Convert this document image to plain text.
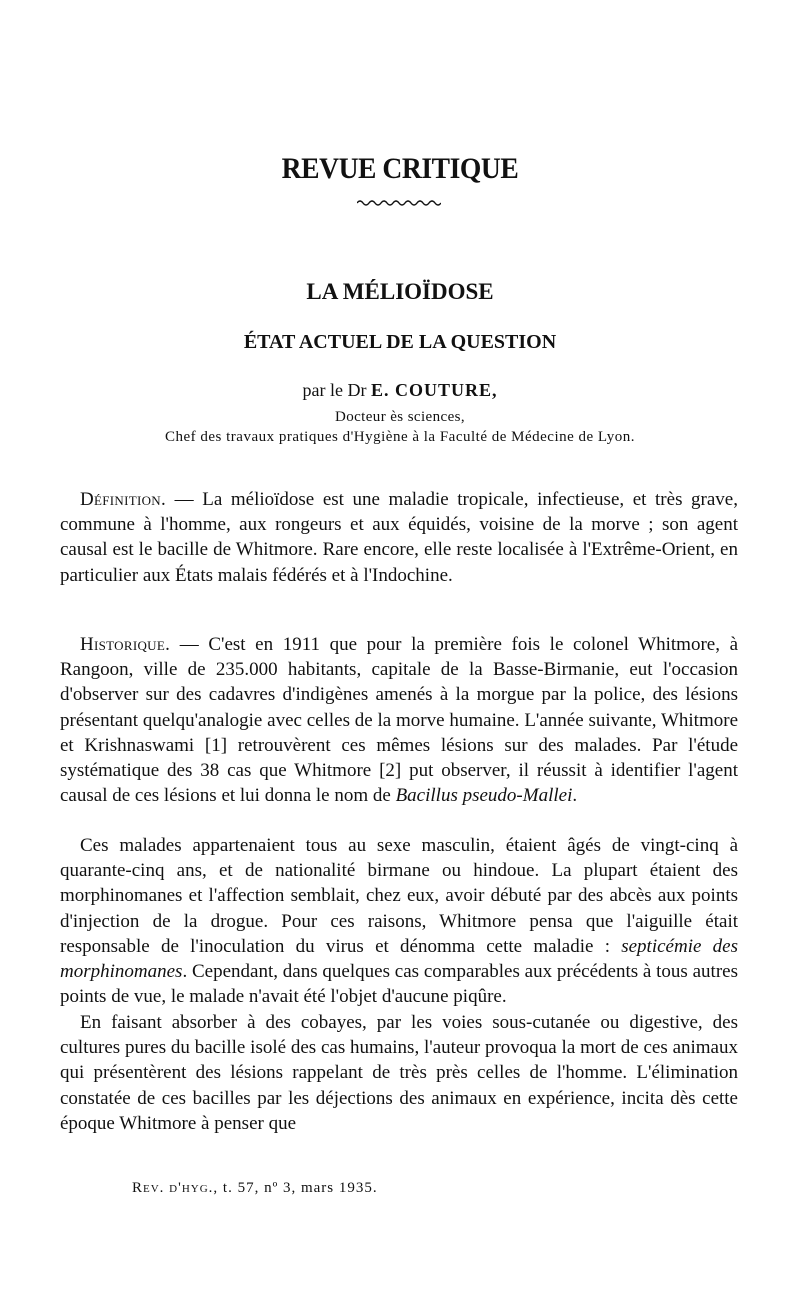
REVUE CRITIQUE
LA MÉLIOÏDOSE
ÉTAT ACTUEL DE LA QUESTION
par le Dr E. COUTURE,
Docteur ès sciences,
Chef des travaux pratiques d'Hygiène à la Faculté de Médecine de Lyon.

Définition. — La mélioïdose est une maladie tropicale, infectieuse, et très grave, commune à l'homme, aux rongeurs et aux équidés, voisine de la morve ; son agent causal est le bacille de Whitmore. Rare encore, elle reste localisée à l'Extrême-Orient, en particulier aux États malais fédérés et à l'Indochine.

Historique. — C'est en 1911 que pour la première fois le colonel Whitmore, à Rangoon, ville de 235.000 habitants, capitale de la Basse-Birmanie, eut l'occasion d'observer sur des cadavres d'indigènes amenés à la morgue par la police, des lésions présentant quelqu'analogie avec celles de la morve humaine. L'année suivante, Whitmore et Krishnaswami [1] retrouvèrent ces mêmes lésions sur des malades. Par l'étude systématique des 38 cas que Whitmore [2] put observer, il réussit à identifier l'agent causal de ces lésions et lui donna le nom de Bacillus pseudo-Mallei.

Ces malades appartenaient tous au sexe masculin, étaient âgés de vingt-cinq à quarante-cinq ans, et de nationalité birmane ou hindoue. La plupart étaient des morphinomanes et l'affection semblait, chez eux, avoir débuté par des abcès aux points d'injection de la drogue. Pour ces raisons, Whitmore pensa que l'aiguille était responsable de l'inoculation du virus et dénomma cette maladie : septicémie des morphinomanes. Cependant, dans quelques cas comparables aux précédents à tous autres points de vue, le malade n'avait été l'objet d'aucune piqûre.

En faisant absorber à des cobayes, par les voies sous-cutanée ou digestive, des cultures pures du bacille isolé des cas humains, l'auteur provoqua la mort de ces animaux qui présentèrent des lésions rappelant de très près celles de l'homme. L'élimination constatée de ces bacilles par les déjections des animaux en expérience, incita dès cette époque Whitmore à penser que

Rev. d'hyg., t. 57, nº 3, mars 1935.
